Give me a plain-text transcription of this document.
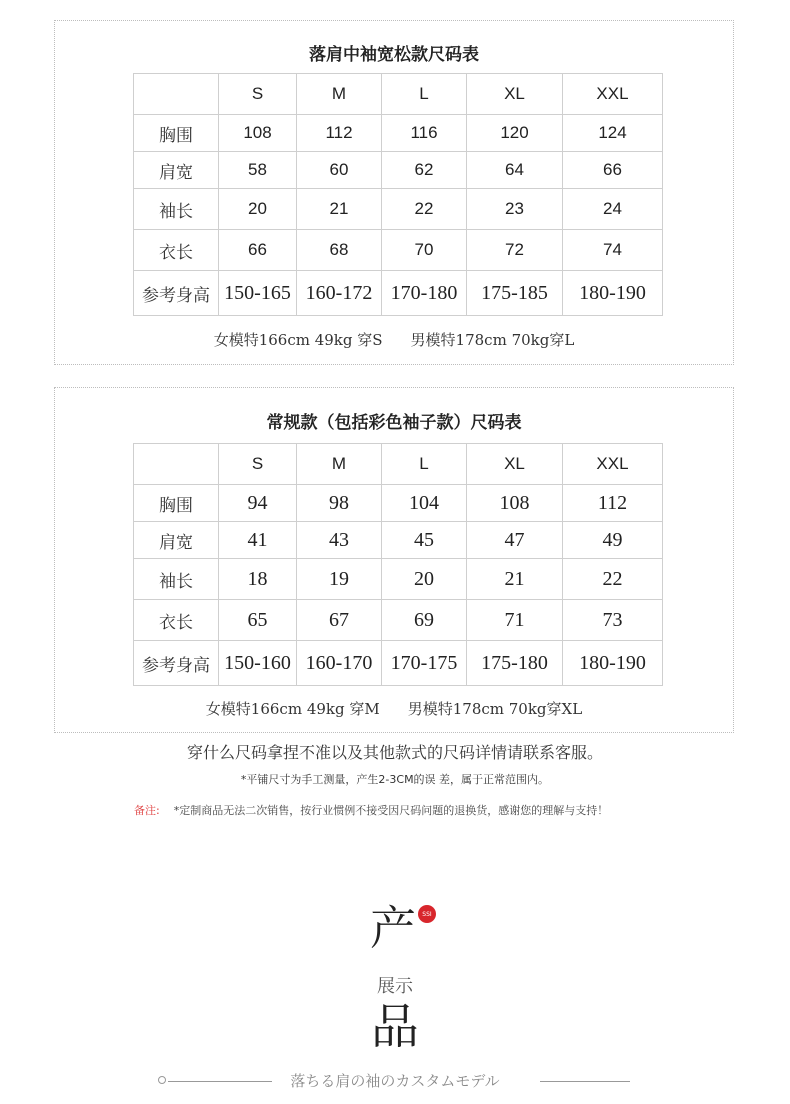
落肩中袖宽松款尺码表
	S	M	L	XL	XXL
胸围	108	112	116	120	124
肩宽	58	60	62	64	66
袖长	20	21	22	23	24
衣长	66	68	70	72	74
参考身高	150-165	160-172	170-180	175-185	180-190
女模特166cm 49kg 穿S 男模特178cm 70kg穿L
常规款（包括彩色袖子款）尺码表
	S	M	L	XL	XXL
胸围	94	98	104	108	112
肩宽	41	43	45	47	49
袖长	18	19	20	21	22
衣长	65	67	69	71	73
参考身高	150-160	160-170	170-175	175-180	180-190
女模特166cm 49kg 穿M 男模特178cm 70kg穿XL
穿什么尺码拿捏不准以及其他款式的尺码详情请联系客服。
*平铺尺寸为手工测量，产生2-3CM的误 差，属于正常范围内。
备注: *定制商品无法二次销售，按行业惯例不接受因尺码问题的退换货，感谢您的理解与支持！
产	SSI
展示
品
落ちる肩の袖のカスタムモデル
